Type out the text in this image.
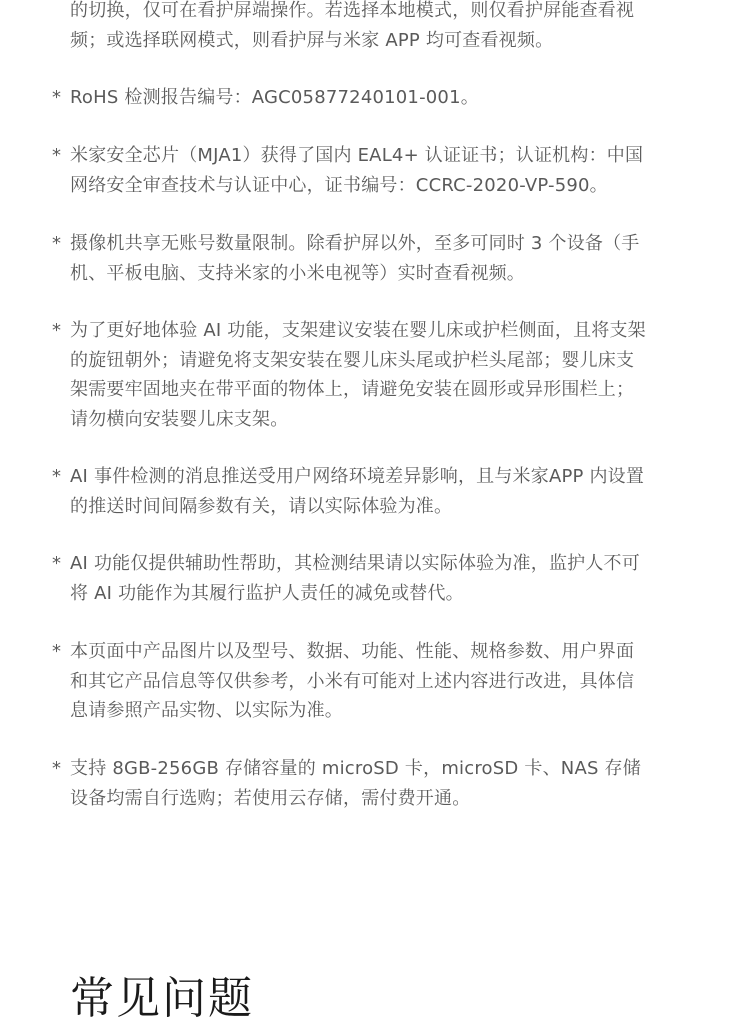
的切换，仅可在看护屏端操作。若选择本地模式，则仅看护屏能查看视
频；或选择联网模式，则看护屏与米家 APP 均可查看视频。
* RoHS 检测报告编号：AGC05877240101-001。
* 米家安全芯片（MJA1）获得了国内 EAL4+ 认证证书；认证机构：中国
网络安全审查技术与认证中心，证书编号：CCRC-2020-VP-590。
* 摄像机共享无账号数量限制。除看护屏以外，至多可同时 3 个设备（手
机、平板电脑、支持米家的小米电视等）实时查看视频。
* 为了更好地体验 AI 功能，支架建议安装在婴儿床或护栏侧面，且将支架
的旋钮朝外；请避免将支架安装在婴儿床头尾或护栏头尾部；婴儿床支
架需要牢固地夹在带平面的物体上，请避免安装在圆形或异形围栏上；
请勿横向安装婴儿床支架。
* AI 事件检测的消息推送受用户网络环境差异影响，且与米家APP 内设置
的推送时间间隔参数有关，请以实际体验为准。
* AI 功能仅提供辅助性帮助，其检测结果请以实际体验为准，监护人不可
将 AI 功能作为其履行监护人责任的减免或替代。
* 本页面中产品图片以及型号、数据、功能、性能、规格参数、用户界面
和其它产品信息等仅供参考，小米有可能对上述内容进行改进，具体信
息请参照产品实物、以实际为准。
* 支持 8GB-256GB 存储容量的 microSD 卡，microSD 卡、NAS 存储
设备均需自行选购；若使用云存储，需付费开通。
常见问题
